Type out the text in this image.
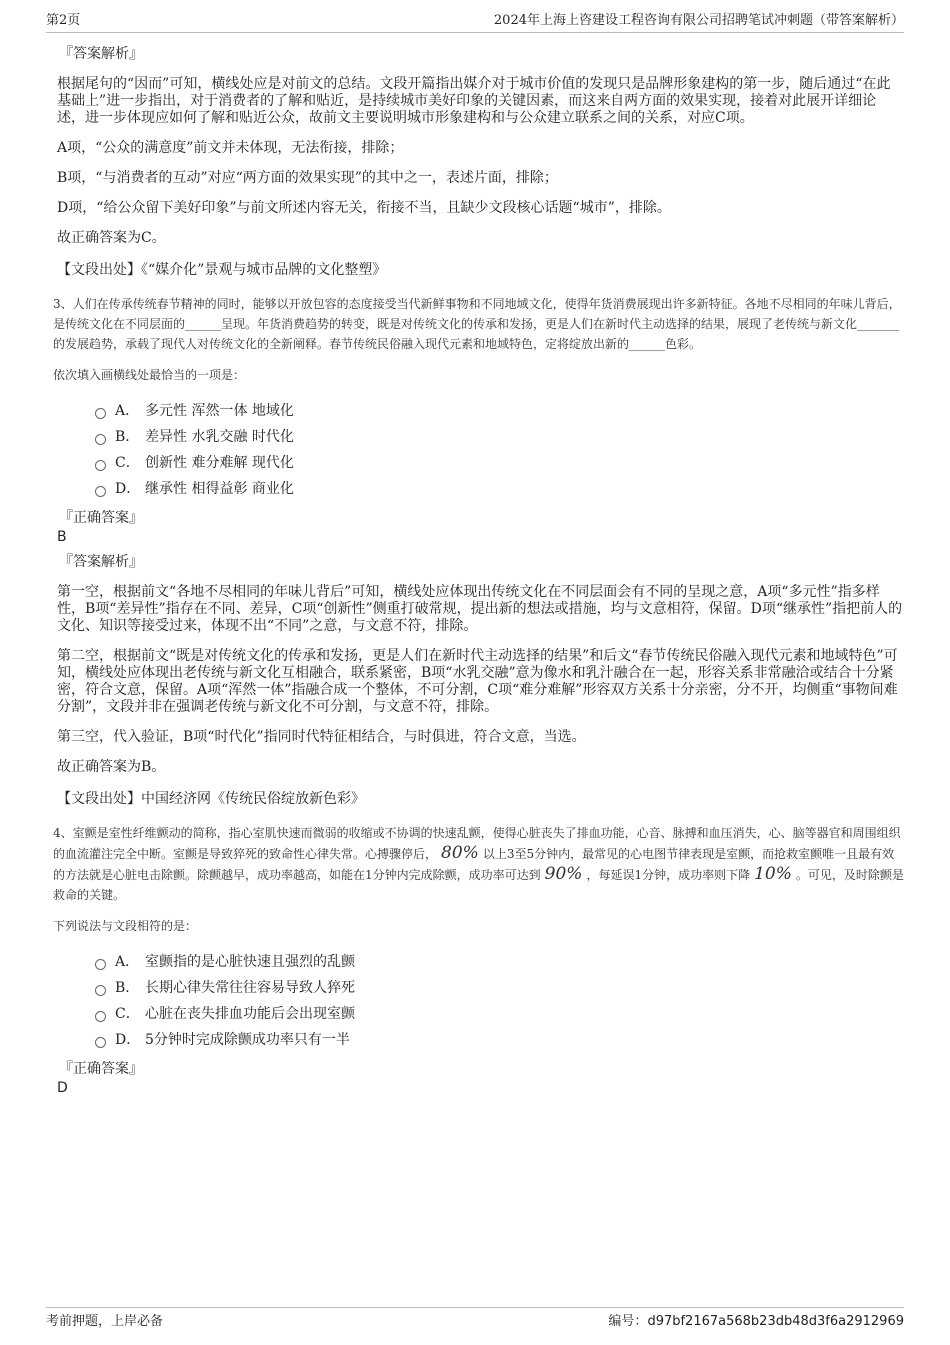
第2页	2024年上海上咨建设工程咨询有限公司招聘笔试冲刺题（带答案解析）
『答案解析』

根据尾句的“因而”可知，横线处应是对前文的总结。文段开篇指出媒介对于城市价值的发现只是品牌形象建构的第一步，随后通过“在此基础上”进一步指出，对于消费者的了解和贴近，是持续城市美好印象的关键因素，而这来自两方面的效果实现，接着对此展开详细论述，进一步体现应如何了解和贴近公众，故前文主要说明城市形象建构和与公众建立联系之间的关系，对应C项。

A项，“公众的满意度”前文并未体现，无法衔接，排除；

B项，“与消费者的互动”对应“两方面的效果实现”的其中之一，表述片面，排除；

D项，“给公众留下美好印象”与前文所述内容无关，衔接不当，且缺少文段核心话题“城市”，排除。

故正确答案为C。

【文段出处】《“媒介化”景观与城市品牌的文化整塑》

3、人们在传承传统春节精神的同时，能够以开放包容的态度接受当代新鲜事物和不同地域文化，使得年货消费展现出许多新特征。各地不尽相同的年味儿背后，是传统文化在不同层面的______呈现。年货消费趋势的转变，既是对传统文化的传承和发扬，更是人们在新时代主动选择的结果，展现了老传统与新文化_______的发展趋势，承载了现代人对传统文化的全新阐释。春节传统民俗融入现代元素和地域特色，定将绽放出新的______色彩。

依次填入画横线处最恰当的一项是：

A． 多元性 浑然一体 地域化
B． 差异性 水乳交融 时代化
C． 创新性 难分难解 现代化
D． 继承性 相得益彰 商业化
『正确答案』
B
『答案解析』

第一空，根据前文“各地不尽相同的年味儿背后”可知，横线处应体现出传统文化在不同层面会有不同的呈现之意，A项“多元性”指多样性，B项“差异性”指存在不同、差异，C项“创新性”侧重打破常规，提出新的想法或措施，均与文意相符，保留。D项“继承性”指把前人的文化、知识等接受过来，体现不出“不同”之意，与文意不符，排除。

第二空，根据前文“既是对传统文化的传承和发扬，更是人们在新时代主动选择的结果”和后文“春节传统民俗融入现代元素和地域特色”可知，横线处应体现出老传统与新文化互相融合，联系紧密，B项“水乳交融”意为像水和乳汁融合在一起，形容关系非常融洽或结合十分紧密，符合文意，保留。A项“浑然一体”指融合成一个整体，不可分割，C项“难分难解”形容双方关系十分亲密，分不开，均侧重“事物间难分割”，文段并非在强调老传统与新文化不可分割，与文意不符，排除。

第三空，代入验证，B项“时代化”指同时代特征相结合，与时俱进，符合文意，当选。

故正确答案为B。

【文段出处】中国经济网《传统民俗绽放新色彩》

4、室颤是室性纤维颤动的简称，指心室肌快速而微弱的收缩或不协调的快速乱颤，使得心脏丧失了排血功能，心音、脉搏和血压消失，心、脑等器官和周围组织的血流灌注完全中断。室颤是导致猝死的致命性心律失常。心搏骤停后， 80% 以上3至5分钟内，最常见的心电图节律表现是室颤，而抢救室颤唯一且最有效的方法就是心脏电击除颤。除颤越早，成功率越高，如能在1分钟内完成除颤，成功率可达到 90% ，每延误1分钟，成功率则下降 10% 。可见，及时除颤是救命的关键。

下列说法与文段相符的是：

A． 室颤指的是心脏快速且强烈的乱颤
B． 长期心律失常往往容易导致人猝死
C． 心脏在丧失排血功能后会出现室颤
D． 5分钟时完成除颤成功率只有一半
『正确答案』
D
考前押题，上岸必备	编号：d97bf2167a568b23db48d3f6a2912969
